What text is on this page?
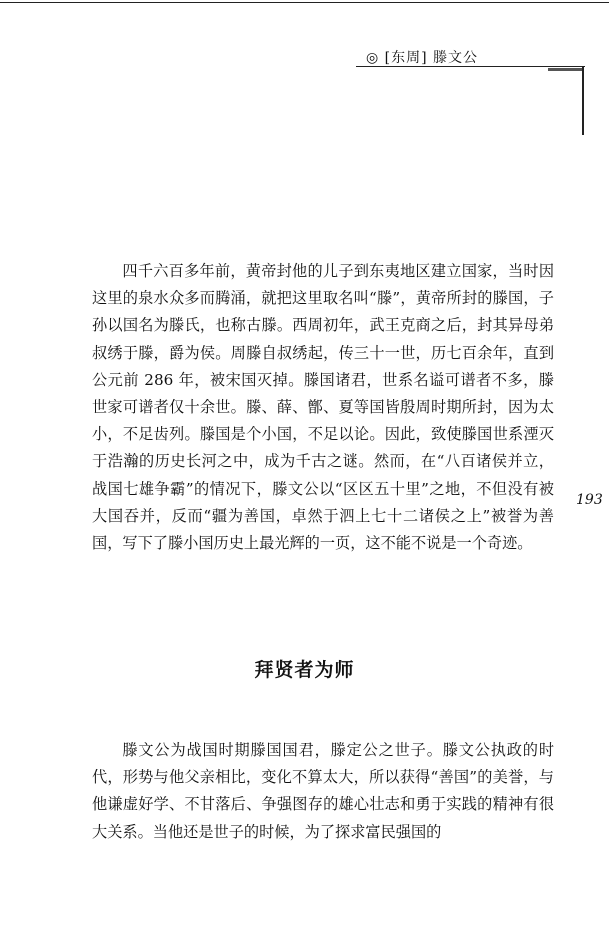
◎ [东周] 滕文公
193

四千六百多年前，黄帝封他的儿子到东夷地区建立国家，当时因这里的泉水众多而腾涌，就把这里取名叫“滕”，黄帝所封的滕国，子孙以国名为滕氏，也称古滕。西周初年，武王克商之后，封其异母弟叔绣于滕，爵为侯。周滕自叔绣起，传三十一世，历七百余年，直到公元前 286 年，被宋国灭掉。滕国诸君，世系名谥可谱者不多，滕世家可谱者仅十余世。滕、薛、鄫、夏等国皆殷周时期所封，因为太小，不足齿列。滕国是个小国，不足以论。因此，致使滕国世系湮灭于浩瀚的历史长河之中，成为千古之谜。然而，在“八百诸侯并立，战国七雄争霸”的情况下，滕文公以“区区五十里”之地，不但没有被大国吞并，反而“疆为善国，卓然于泗上七十二诸侯之上”被誉为善国，写下了滕小国历史上最光辉的一页，这不能不说是一个奇迹。

拜贤者为师

滕文公为战国时期滕国国君，滕定公之世子。滕文公执政的时代，形势与他父亲相比，变化不算太大，所以获得“善国”的美誉，与他谦虚好学、不甘落后、争强图存的雄心壮志和勇于实践的精神有很大关系。当他还是世子的时候，为了探求富民强国的
